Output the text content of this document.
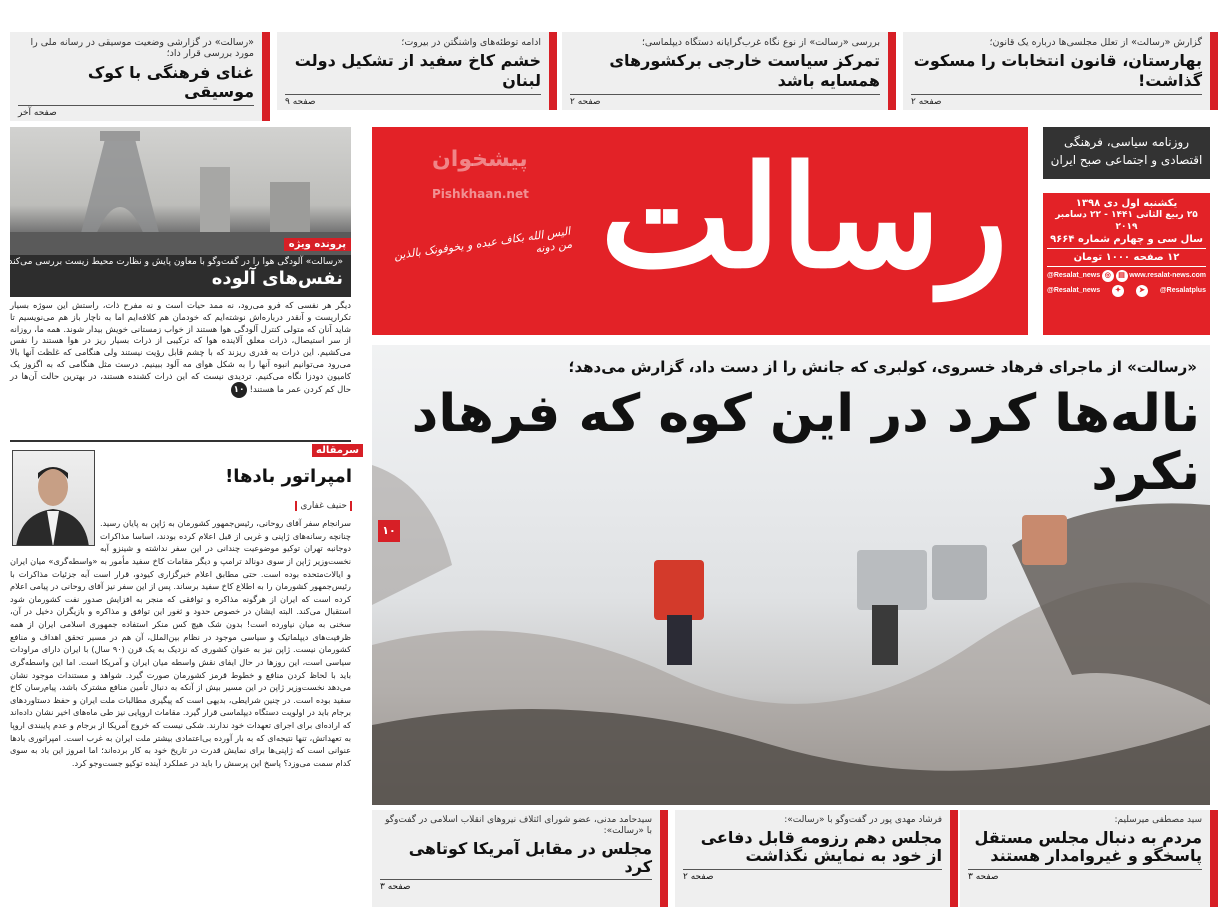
گزارش «رسالت» از تعلل مجلسی‌ها درباره یک قانون؛
بهارستان، قانون انتخابات را مسکوت گذاشت!
صفحه ۲
بررسی «رسالت» از نوع نگاه غرب‌گرایانه دستگاه دیپلماسی؛
تمرکز سیاست خارجی برکشورهای همسایه باشد
صفحه ۲
ادامه توطئه‌های واشنگتن در بیروت؛
خشم کاخ سفید از تشکیل دولت لبنان
صفحه ۹
«رسالت» در گزارشی وضعیت موسیقی در رسانه ملی را مورد بررسی قرار داد؛
غنای فرهنگی با کوک موسیقی
صفحه آخر
رسالت
الیس الله بکاف عبده و یخوفونک بالذین من دونه
پیشخوان
Pishkhaan.net
روزنامه سیاسی، فرهنگی
اقتصادی و اجتماعی صبح ایران
یکشنبه اول دی ۱۳۹۸
۲۵ ربیع الثانی ۱۴۴۱ - ۲۲ دسامبر ۲۰۱۹
سال سی و چهارم شماره ۹۶۶۴
۱۲ صفحه ۱۰۰۰ تومان
@Resalat_news ◎	▤ www.resalat-news.com
@Resalat_news	✦	➤	@Resalatplus
پرونده ویژه
«رسالت» آلودگی هوا را در گفت‌وگو با معاون پایش و نظارت محیط زیست بررسی می‌کند؛
نفس‌های آلوده
دیگر هر نفسی که فرو می‌رود، نه ممد حیات است و نه مفرح ذات، راستش این سوژه بسیار تکراریست و آنقدر درباره‌اش نوشته‌ایم که خودمان هم کلافه‌ایم اما به ناچار باز هم می‌نویسیم تا شاید آنان که متولی کنترل آلودگی هوا هستند از خواب زمستانی خویش بیدار شوند. همه ما، روزانه از سر استیصال، ذرات معلق آلاینده هوا که ترکیبی از ذرات بسیار ریز در هوا هستند را نفس می‌کشیم. این ذرات به قدری ریزند که با چشم قابل رؤیت نیستند ولی هنگامی که غلظت آنها بالا می‌رود می‌توانیم انبوه آنها را به شکل هوای مه آلود ببینیم. درست مثل هنگامی که به اگزوز یک کامیون دودزا نگاه می‌کنیم. تردیدی نیست که این ذرات کشنده هستند، در بهترین حالت آن‌ها در حال کم کردن عمر ما هستند! ۱۰
سرمقاله
امپراتور بادها!
حنیف غفاری
سرانجام سفر آقای روحانی، رئیس‌جمهور کشورمان به ژاپن به پایان رسید. چنانچه رسانه‌های ژاپنی و غربی از قبل اعلام کرده بودند، اساسا مذاکرات دوجانبه تهران توکیو موضوعیت چندانی در این سفر نداشته و شینزو آبه نخست‌وزیر ژاپن از سوی دونالد ترامپ و دیگر مقامات کاخ سفید مأمور به «واسطه‌گری» میان ایران و ایالات‌متحده بوده است. حتی مطابق اعلام خبرگزاری کیودو، قرار است آبه جزئیات مذاکرات با رئیس‌جمهور کشورمان را به اطلاع کاخ سفید برساند. پس از این سفر نیز آقای روحانی در پیامی اعلام کرده است که ایران از هرگونه مذاکره و توافقی که منجر به افزایش صدور نفت کشورمان شود استقبال می‌کند. البته ایشان در خصوص حدود و ثغور این توافق و مذاکره و بازیگران دخیل در آن، سخنی به میان نیاورده است! بدون شک هیچ کس منکر استفاده جمهوری اسلامی ایران از همه ظرفیت‌های دیپلماتیک و سیاسی موجود در نظام بین‌الملل، آن هم در مسیر تحقق اهداف و منافع کشورمان نیست. ژاپن نیز به عنوان کشوری که نزدیک به یک قرن (۹۰ سال) با ایران دارای مراودات سیاسی است، این روزها در حال ایفای نقش واسطه میان ایران و آمریکا است. اما این واسطه‌گری باید با لحاظ کردن منافع و خطوط قرمز کشورمان صورت گیرد. شواهد و مستندات موجود نشان می‌دهد نخست‌وزیر ژاپن در این مسیر بیش از آنکه به دنبال تأمین منافع مشترک باشد، پیام‌رسان کاخ سفید بوده است. در چنین شرایطی، بدیهی است که پیگیری مطالبات ملت ایران و حفظ دستاوردهای برجام باید در اولویت دستگاه دیپلماسی قرار گیرد. مقامات اروپایی نیز طی ماه‌های اخیر نشان داده‌اند که اراده‌ای برای اجرای تعهدات خود ندارند. شکی نیست که خروج آمریکا از برجام و عدم پایبندی اروپا به تعهداتش، تنها نتیجه‌ای که به بار آورده بی‌اعتمادی بیشتر ملت ایران به غرب است. امپراتوری بادها عنوانی است که ژاپنی‌ها برای نمایش قدرت در تاریخ خود به کار برده‌اند؛ اما امروز این باد به سوی کدام سمت می‌وزد؟ پاسخ این پرسش را باید در عملکرد آینده توکیو جست‌وجو کرد.
«رسالت» از ماجرای فرهاد خسروی، کولبری که جانش را از دست داد، گزارش می‌دهد؛
ناله‌ها کرد در این کوه که فرهاد نکرد
۱۰
سید مصطفی میرسلیم:
مردم به دنبال مجلس مستقل پاسخگو و غیروامدار هستند
صفحه ۳
فرشاد مهدی پور در گفت‌وگو با «رسالت»:
مجلس دهم رزومه قابل دفاعی از خود به نمایش نگذاشت
صفحه ۲
سیدحامد مدنی، عضو شورای ائتلاف نیروهای انقلاب اسلامی در گفت‌وگو با «رسالت»:
مجلس در مقابل آمریکا کوتاهی کرد
صفحه ۳
